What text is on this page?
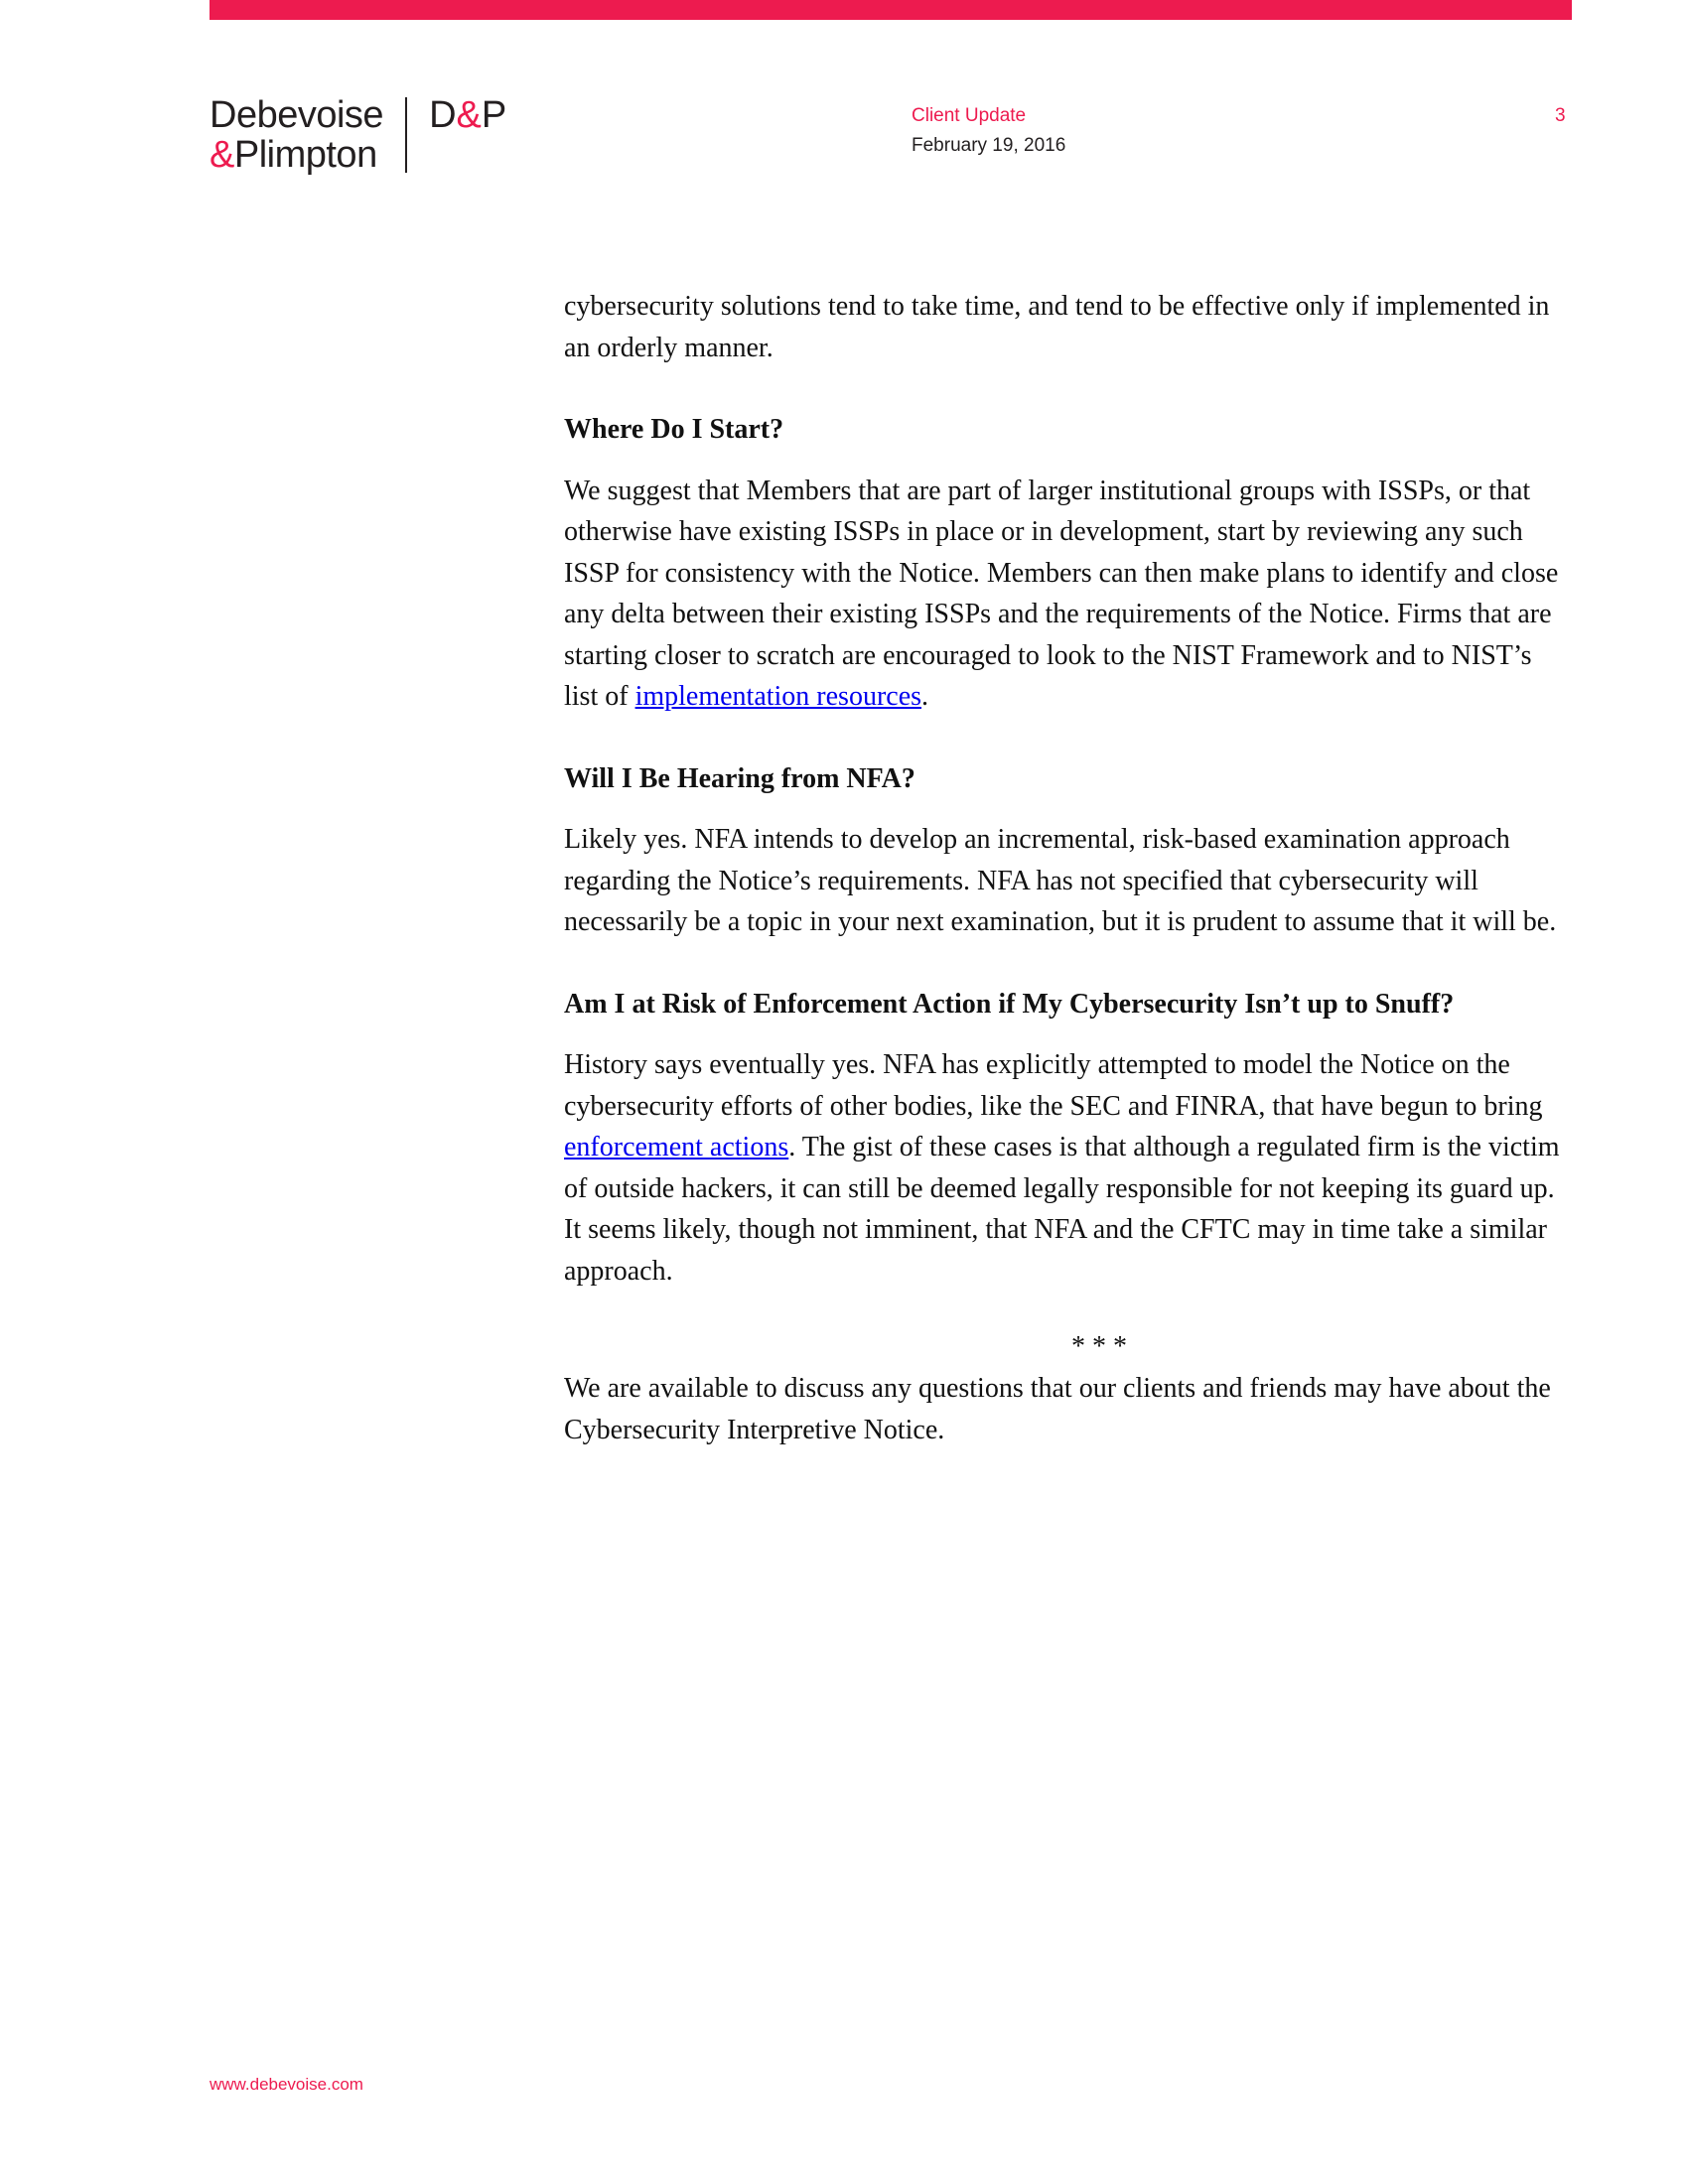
Debevoise
&Plimpton
D&P	Client Update
February 19, 2016
3

cybersecurity solutions tend to take time, and tend to be effective only if implemented in an orderly manner.

Where Do I Start?

We suggest that Members that are part of larger institutional groups with ISSPs, or that otherwise have existing ISSPs in place or in development, start by reviewing any such ISSP for consistency with the Notice. Members can then make plans to identify and close any delta between their existing ISSPs and the requirements of the Notice. Firms that are starting closer to scratch are encouraged to look to the NIST Framework and to NIST’s list of implementation resources.

Will I Be Hearing from NFA?

Likely yes. NFA intends to develop an incremental, risk-based examination approach regarding the Notice’s requirements. NFA has not specified that cybersecurity will necessarily be a topic in your next examination, but it is prudent to assume that it will be.

Am I at Risk of Enforcement Action if My Cybersecurity Isn’t up to Snuff?

History says eventually yes. NFA has explicitly attempted to model the Notice on the cybersecurity efforts of other bodies, like the SEC and FINRA, that have begun to bring enforcement actions. The gist of these cases is that although a regulated firm is the victim of outside hackers, it can still be deemed legally responsible for not keeping its guard up. It seems likely, though not imminent, that NFA and the CFTC may in time take a similar approach.

* * *

We are available to discuss any questions that our clients and friends may have about the Cybersecurity Interpretive Notice.

www.debevoise.com
